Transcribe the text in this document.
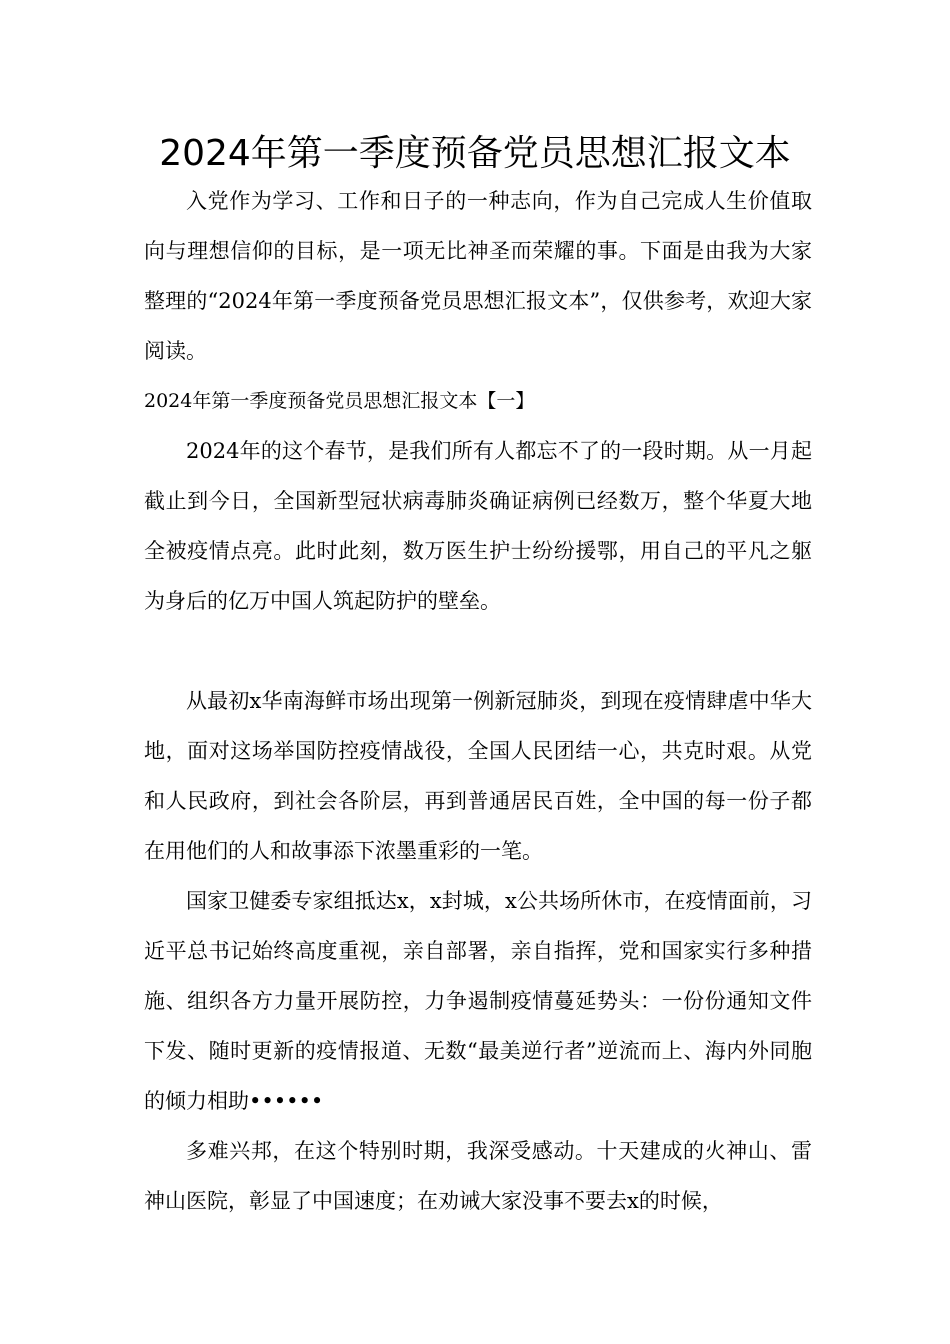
2024年第一季度预备党员思想汇报文本

入党作为学习、工作和日子的一种志向，作为自己完成人生价值取向与理想信仰的目标，是一项无比神圣而荣耀的事。下面是由我为大家整理的“2024年第一季度预备党员思想汇报文本”，仅供参考，欢迎大家阅读。

2024年第一季度预备党员思想汇报文本【一】

2024年的这个春节，是我们所有人都忘不了的一段时期。从一月起截止到今日，全国新型冠状病毒肺炎确证病例已经数万，整个华夏大地全被疫情点亮。此时此刻，数万医生护士纷纷援鄂，用自己的平凡之躯为身后的亿万中国人筑起防护的壁垒。

从最初x华南海鲜市场出现第一例新冠肺炎，到现在疫情肆虐中华大地，面对这场举国防控疫情战役，全国人民团结一心，共克时艰。从党和人民政府，到社会各阶层，再到普通居民百姓，全中国的每一份子都在用他们的人和故事添下浓墨重彩的一笔。

国家卫健委专家组抵达x，x封城，x公共场所休市，在疫情面前，习近平总书记始终高度重视，亲自部署，亲自指挥，党和国家实行多种措施、组织各方力量开展防控，力争遏制疫情蔓延势头：一份份通知文件下发、随时更新的疫情报道、无数“最美逆行者”逆流而上、海内外同胞的倾力相助••••••

多难兴邦，在这个特别时期，我深受感动。十天建成的火神山、雷神山医院，彰显了中国速度；在劝诫大家没事不要去x的时候，
